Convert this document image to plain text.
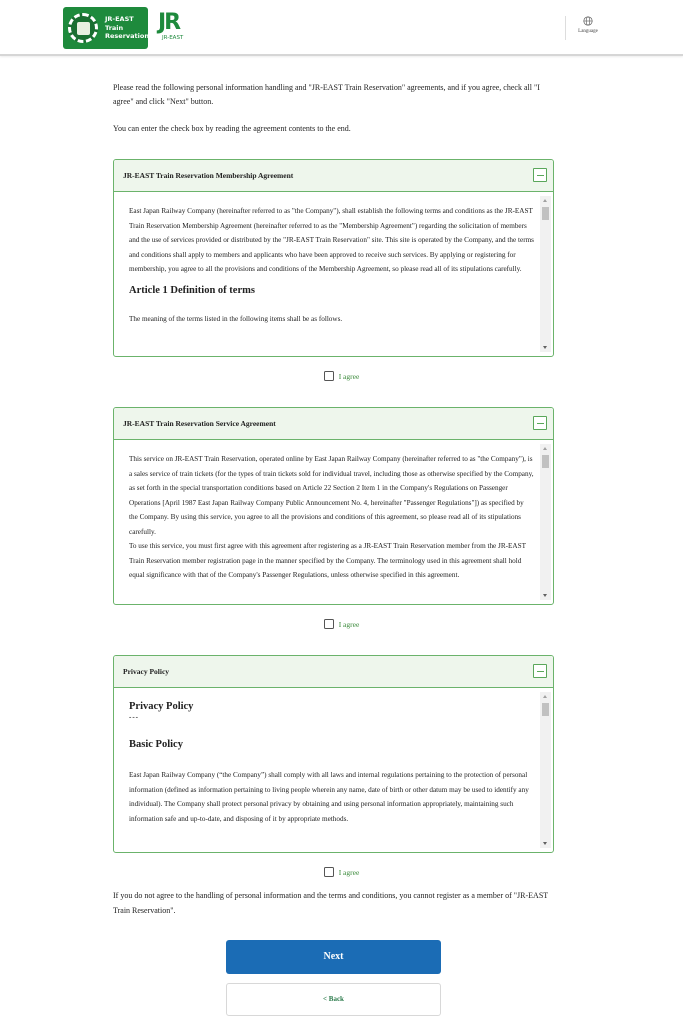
JR-EAST
Train
Reservation
JR
JR-EAST
Language

Please read the following personal information handling and "JR-EAST Train Reservation" agreements, and if you agree, check all "I agree" and click "Next" button.

You can enter the check box by reading the agreement contents to the end.

JR-EAST Train Reservation Membership Agreement

East Japan Railway Company (hereinafter referred to as "the Company"), shall establish the following terms and conditions as the JR-EAST Train Reservation Membership Agreement (hereinafter referred to as the "Membership Agreement") regarding the solicitation of members and the use of services provided or distributed by the "JR-EAST Train Reservation" site. This site is operated by the Company, and the terms and conditions shall apply to members and applicants who have been approved to receive such services. By applying or registering for membership, you agree to all the provisions and conditions of the Membership Agreement, so please read all of its stipulations carefully.

Article 1 Definition of terms

The meaning of the terms listed in the following items shall be as follows.

I agree
JR-EAST Train Reservation Service Agreement

This service on JR-EAST Train Reservation, operated online by East Japan Railway Company (hereinafter referred to as "the Company"), is a sales service of train tickets (for the types of train tickets sold for individual travel, including those as otherwise specified by the Company, as set forth in the special transportation conditions based on Article 22 Section 2 Item 1 in the Company's Regulations on Passenger Operations [April 1987 East Japan Railway Company Public Announcement No. 4, hereinafter "Passenger Regulations"]) as specified by the Company. By using this service, you agree to all the provisions and conditions of this agreement, so please read all of its stipulations carefully.

To use this service, you must first agree with this agreement after registering as a JR-EAST Train Reservation member from the JR-EAST Train Reservation member registration page in the manner specified by the Company. The terminology used in this agreement shall hold equal significance with that of the Company's Passenger Regulations, unless otherwise specified in this agreement.

I agree
Privacy Policy
Privacy Policy
---
Basic Policy

East Japan Railway Company (“the Company”) shall comply with all laws and internal regulations pertaining to the protection of personal information (defined as information pertaining to living people wherein any name, date of birth or other datum may be used to identify any individual). The Company shall protect personal privacy by obtaining and using personal information appropriately, maintaining such information safe and up-to-date, and disposing of it by appropriate methods.

I agree

If you do not agree to the handling of personal information and the terms and conditions, you cannot register as a member of "JR-EAST Train Reservation".

Next
< Back
